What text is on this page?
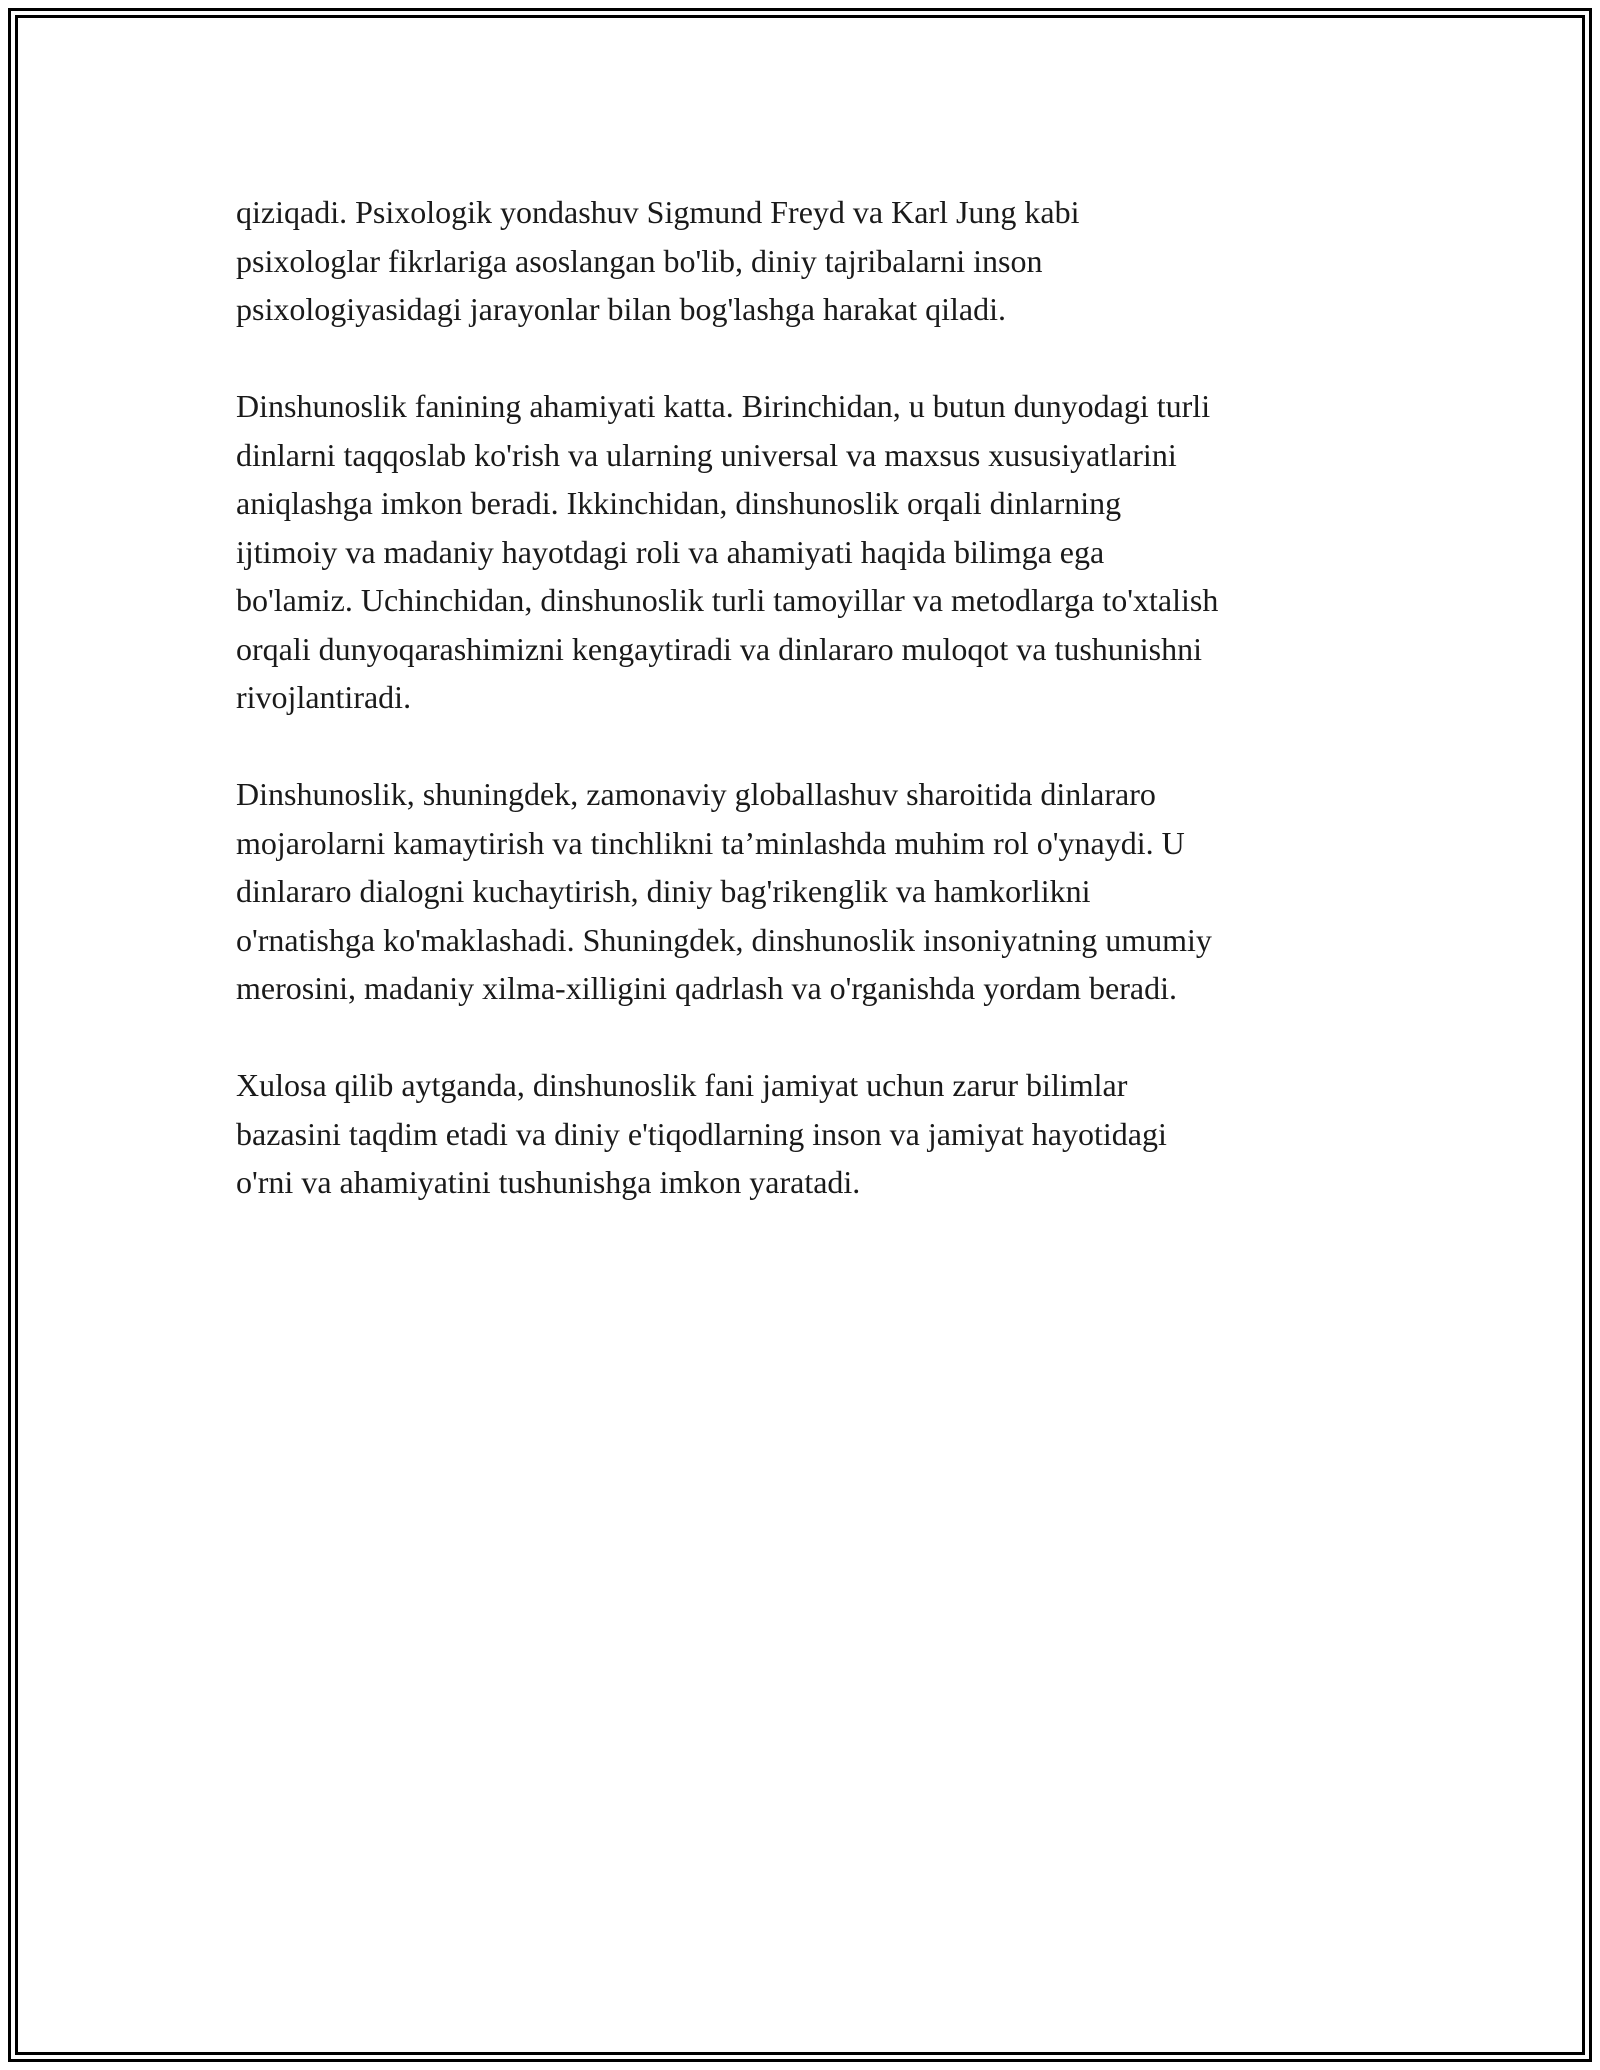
qiziqadi. Psixologik yondashuv Sigmund Freyd va Karl Jung kabi
psixologlar fikrlariga asoslangan bo'lib, diniy tajribalarni inson
psixologiyasidagi jarayonlar bilan bog'lashga harakat qiladi.
Dinshunoslik fanining ahamiyati katta. Birinchidan, u butun dunyodagi turli
dinlarni taqqoslab ko'rish va ularning universal va maxsus xususiyatlarini
aniqlashga imkon beradi. Ikkinchidan, dinshunoslik orqali dinlarning
ijtimoiy va madaniy hayotdagi roli va ahamiyati haqida bilimga ega
bo'lamiz. Uchinchidan, dinshunoslik turli tamoyillar va metodlarga to'xtalish
orqali dunyoqarashimizni kengaytiradi va dinlararo muloqot va tushunishni
rivojlantiradi.
Dinshunoslik, shuningdek, zamonaviy globallashuv sharoitida dinlararo
mojarolarni kamaytirish va tinchlikni ta’minlashda muhim rol o'ynaydi. U
dinlararo dialogni kuchaytirish, diniy bag'rikenglik va hamkorlikni
o'rnatishga ko'maklashadi. Shuningdek, dinshunoslik insoniyatning umumiy
merosini, madaniy xilma-xilligini qadrlash va o'rganishda yordam beradi.
Xulosa qilib aytganda, dinshunoslik fani jamiyat uchun zarur bilimlar
bazasini taqdim etadi va diniy e'tiqodlarning inson va jamiyat hayotidagi
o'rni va ahamiyatini tushunishga imkon yaratadi.
